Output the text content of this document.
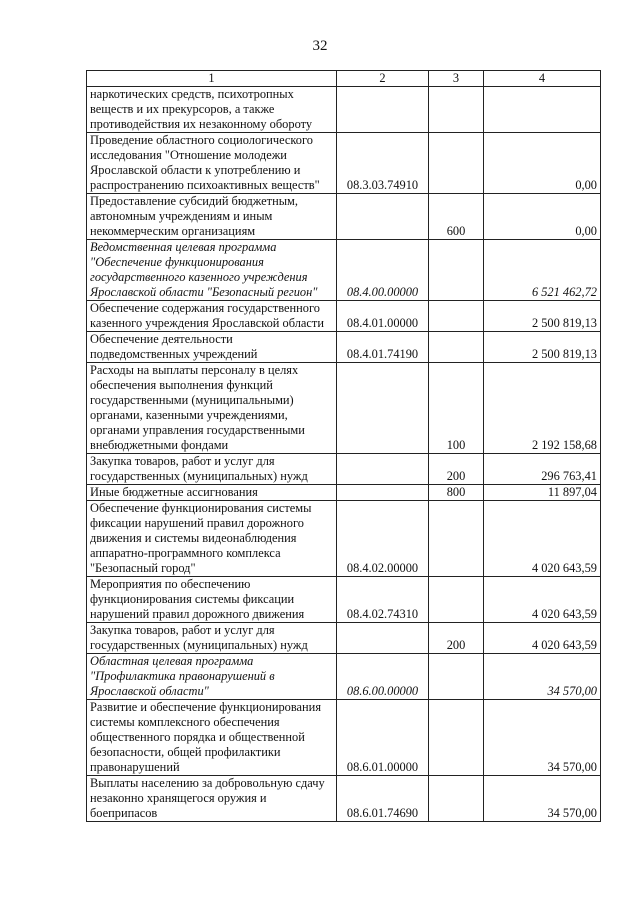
32
1	2	3	4
наркотических средств, психотропных веществ и их прекурсоров, а также противодействия их незаконному обороту			
Проведение областного социологического исследования "Отношение молодежи Ярославской области к употреблению и распространению психоактивных веществ"	08.3.03.74910		0,00
Предоставление субсидий бюджетным, автономным учреждениям и иным некоммерческим организациям		600	0,00
Ведомственная целевая программа "Обеспечение функционирования государственного казенного учреждения Ярославской области "Безопасный регион"	08.4.00.00000		6 521 462,72
Обеспечение содержания государственного казенного учреждения Ярославской области	08.4.01.00000		2 500 819,13
Обеспечение деятельности подведомственных учреждений	08.4.01.74190		2 500 819,13
Расходы на выплаты персоналу в целях обеспечения выполнения функций государственными (муниципальными) органами, казенными учреждениями, органами управления государственными внебюджетными фондами		100	2 192 158,68
Закупка товаров, работ и услуг для государственных (муниципальных) нужд		200	296 763,41
Иные бюджетные ассигнования		800	11 897,04
Обеспечение функционирования системы фиксации нарушений правил дорожного движения и системы видеонаблюдения аппаратно-программного комплекса "Безопасный город"	08.4.02.00000		4 020 643,59
Мероприятия по обеспечению функционирования системы фиксации нарушений правил дорожного движения	08.4.02.74310		4 020 643,59
Закупка товаров, работ и услуг для государственных (муниципальных) нужд		200	4 020 643,59
Областная целевая программа "Профилактика правонарушений в Ярославской области"	08.6.00.00000		34 570,00
Развитие и обеспечение функционирования системы комплексного обеспечения общественного порядка и общественной безопасности, общей профилактики правонарушений	08.6.01.00000		34 570,00
Выплаты населению за добровольную сдачу незаконно хранящегося оружия и боеприпасов	08.6.01.74690		34 570,00
